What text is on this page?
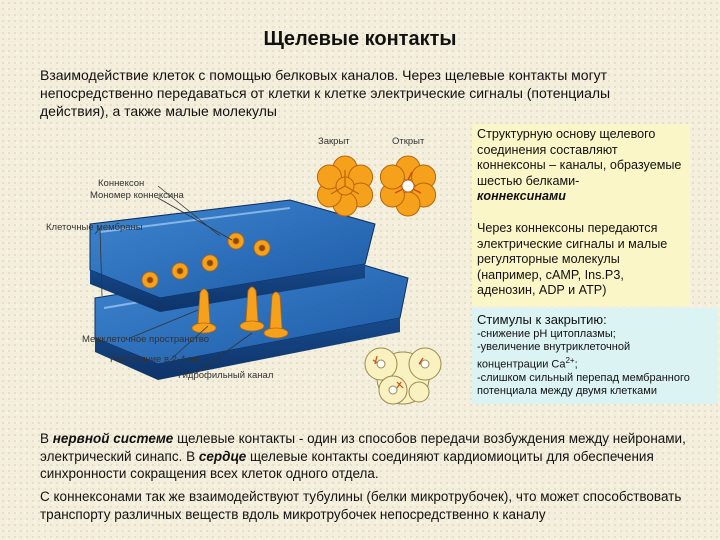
Щелевые контакты
Взаимодействие клеток с помощью белковых каналов. Через щелевые контакты могут непосредственно передаваться от клетки к клетке электрические сигналы (потенциалы действия), а также малые молекулы
Закрыт	Открыт
Коннексон
Мономер коннексина
Клеточные мембраны
Межклеточное пространство
Расстояние в 2-4 нм
Гидрофильный канал
Структурную основу щелевого соединения составляют коннексоны – каналы, образуемые шестью белками-
коннексинами
Через коннексоны передаются электрические сигналы и малые регуляторные молекулы (например, cAMP, Ins.P3, аденозин, ADP и ATP)
Стимулы к закрытию:
-снижение pH цитоплазмы;
-увеличение внутриклеточной
концентрации $Ca^{2+}$;
-слишком сильный перепад мембранного
потенциала между двумя клетками
В нервной системе щелевые контакты - один из способов передачи возбуждения между нейронами, электрический синапс. В сердце щелевые контакты соединяют кардиомиоциты для обеспечения синхронности сокращения всех клеток одного отдела.
С коннексонами так же взаимодействуют тубулины (белки микротрубочек), что может способствовать транспорту различных веществ вдоль микротрубочек непосредственно к каналу
